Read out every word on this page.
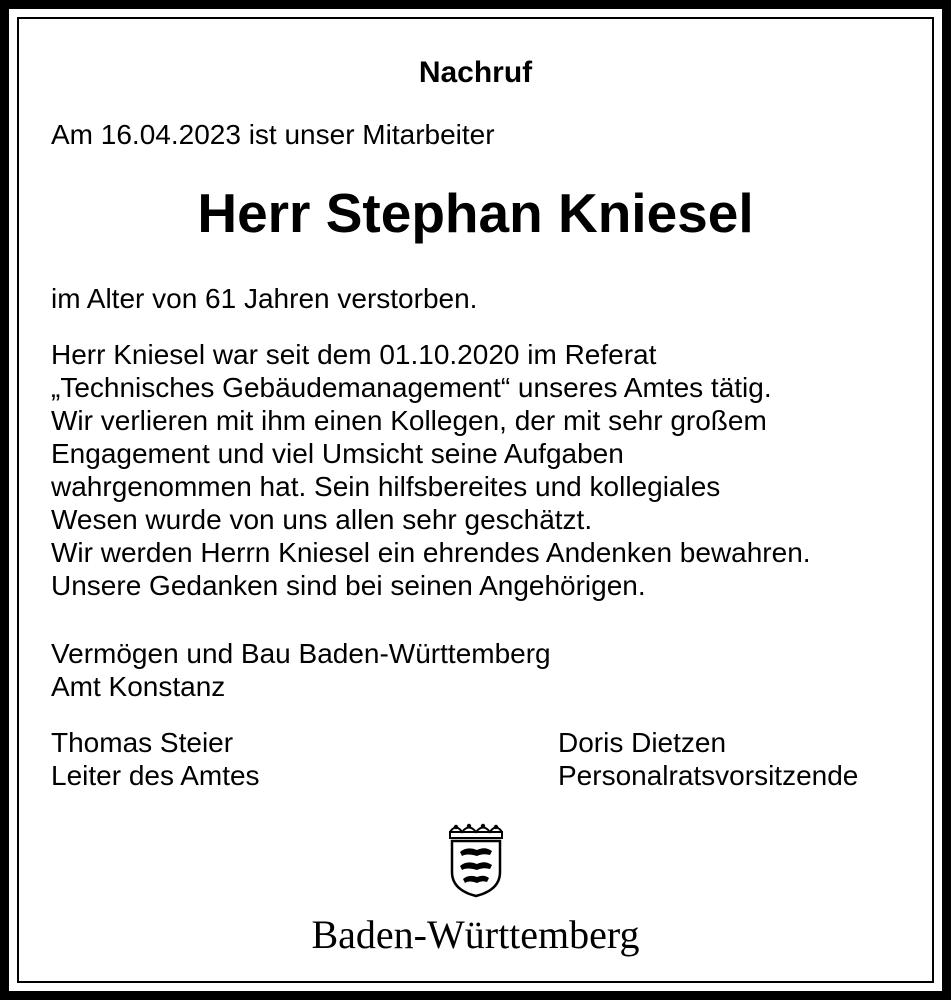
Nachruf

Am 16.04.2023 ist unser Mitarbeiter

Herr Stephan Kniesel

im Alter von 61 Jahren verstorben.

Herr Kniesel war seit dem 01.10.2020 im Referat

„Technisches Gebäudemanagement“ unseres Amtes tätig.

Wir verlieren mit ihm einen Kollegen, der mit sehr großem

Engagement und viel Umsicht seine Aufgaben

wahrgenommen hat. Sein hilfsbereites und kollegiales

Wesen wurde von uns allen sehr geschätzt.

Wir werden Herrn Kniesel ein ehrendes Andenken bewahren.

Unsere Gedanken sind bei seinen Angehörigen.

Vermögen und Bau Baden-Württemberg

Amt Konstanz

Thomas Steier

Leiter des Amtes

Doris Dietzen

Personalratsvorsitzende

Baden-Württemberg
